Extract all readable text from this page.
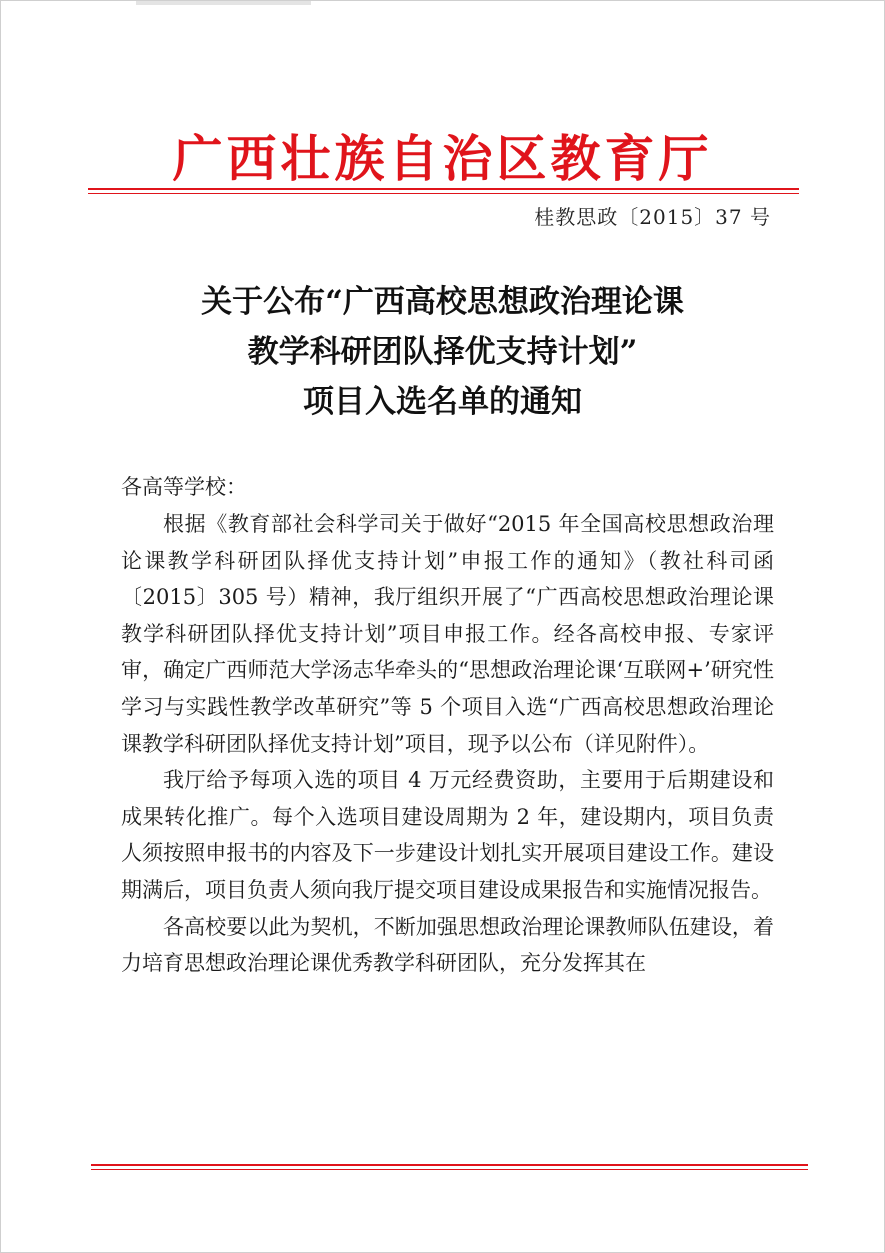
广西壮族自治区教育厅
桂教思政〔2015〕37 号
关于公布“广西高校思想政治理论课
教学科研团队择优支持计划”
项目入选名单的通知
各高等学校：

根据《教育部社会科学司关于做好“2015 年全国高校思想政治理论课教学科研团队择优支持计划”申报工作的通知》（教社科司函〔2015〕305 号）精神，我厅组织开展了“广西高校思想政治理论课教学科研团队择优支持计划”项目申报工作。经各高校申报、专家评审，确定广西师范大学汤志华牵头的“思想政治理论课‘互联网+’研究性学习与实践性教学改革研究”等 5 个项目入选“广西高校思想政治理论课教学科研团队择优支持计划”项目，现予以公布（详见附件）。

我厅给予每项入选的项目 4 万元经费资助，主要用于后期建设和成果转化推广。每个入选项目建设周期为 2 年，建设期内，项目负责人须按照申报书的内容及下一步建设计划扎实开展项目建设工作。建设期满后，项目负责人须向我厅提交项目建设成果报告和实施情况报告。

各高校要以此为契机，不断加强思想政治理论课教师队伍建设，着力培育思想政治理论课优秀教学科研团队，充分发挥其在
